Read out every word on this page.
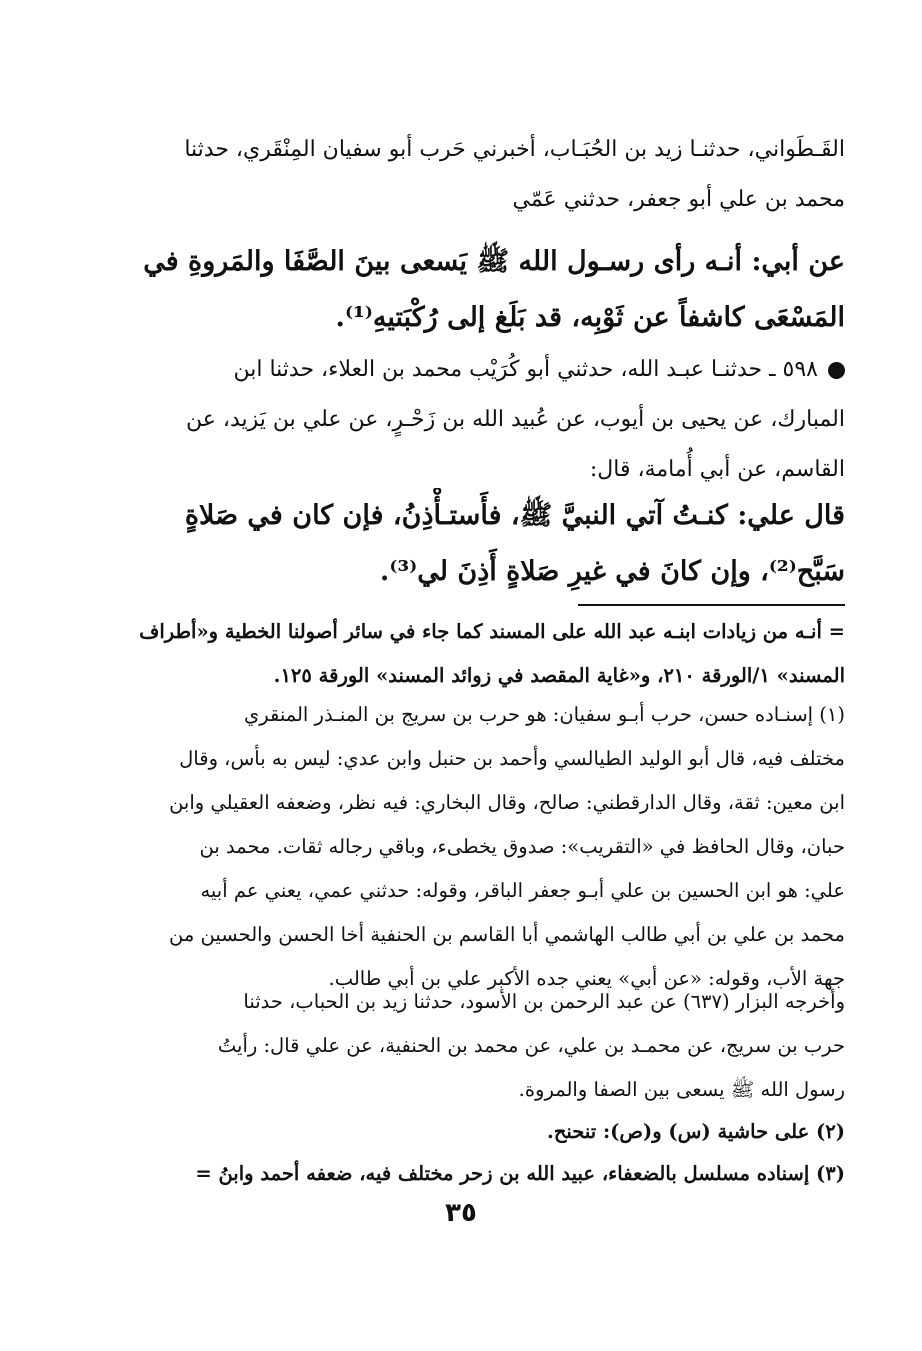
القَـطَواني، حدثنـا زيد بن الحُبَـاب، أخبرني حَرب أبو سفيان المِنْقَري، حدثنا
محمد بن علي أبو جعفر، حدثني عَمّي
عن أبي: أنـه رأى رسـول الله ﷺ يَسعى بينَ الصَّفَا والمَروةِ في
المَسْعَى كاشفاً عن ثَوْبِه، قد بَلَغ إلى رُكْبَتيهِ⁽¹⁾.
٥٩٨ ـ حدثنـا عبـد الله، حدثني أبو كُرَيْب محمد بن العلاء، حدثنا ابن
المبارك، عن يحيى بن أيوب، عن عُبيد الله بن زَحْـرٍ، عن علي بن يَزيد، عن
القاسم، عن أبي أُمامة، قال:
قال علي: كنـتُ آتي النبيَّ ﷺ، فأَستـأْذِنُ، فإن كان في صَلاةٍ
سَبَّح⁽²⁾، وإن كانَ في غيرِ صَلاةٍ أَذِنَ لي⁽³⁾.
= أنـه من زيادات ابنـه عبد الله على المسند كما جاء في سائر أصولنا الخطية و«أطراف
المسند» ١/الورقة ٢١٠، و«غاية المقصد في زوائد المسند» الورقة ١٢٥.
(١) إسنـاده حسن، حرب أبـو سفيان: هو حرب بن سريج بن المنـذر المنقري
مختلف فيه، قال أبو الوليد الطيالسي وأحمد بن حنبل وابن عدي: ليس به بأس، وقال
ابن معين: ثقة، وقال الدارقطني: صالح، وقال البخاري: فيه نظر، وضعفه العقيلي وابن
حبان، وقال الحافظ في «التقريب»: صدوق يخطىء، وباقي رجاله ثقات. محمد بن
علي: هو ابن الحسين بن علي أبـو جعفر الباقر، وقوله: حدثني عمي، يعني عم أبيه
محمد بن علي بن أبي طالب الهاشمي أبا القاسم بن الحنفية أخا الحسن والحسين من
جهة الأب، وقوله: «عن أبي» يعني جده الأكبر علي بن أبي طالب.
وأخرجه البزار (٦٣٧) عن عبد الرحمن بن الأسود، حدثنا زيد بن الحباب، حدثنا
حرب بن سريج، عن محمـد بن علي، عن محمد بن الحنفية، عن علي قال: رأيتُ
رسول الله ﷺ يسعى بين الصفا والمروة.
(٢) على حاشية (س) و(ص): تنحنح.
(٣) إسناده مسلسل بالضعفاء، عبيد الله بن زحر مختلف فيه، ضعفه أحمد وابنُ =
٣٥
